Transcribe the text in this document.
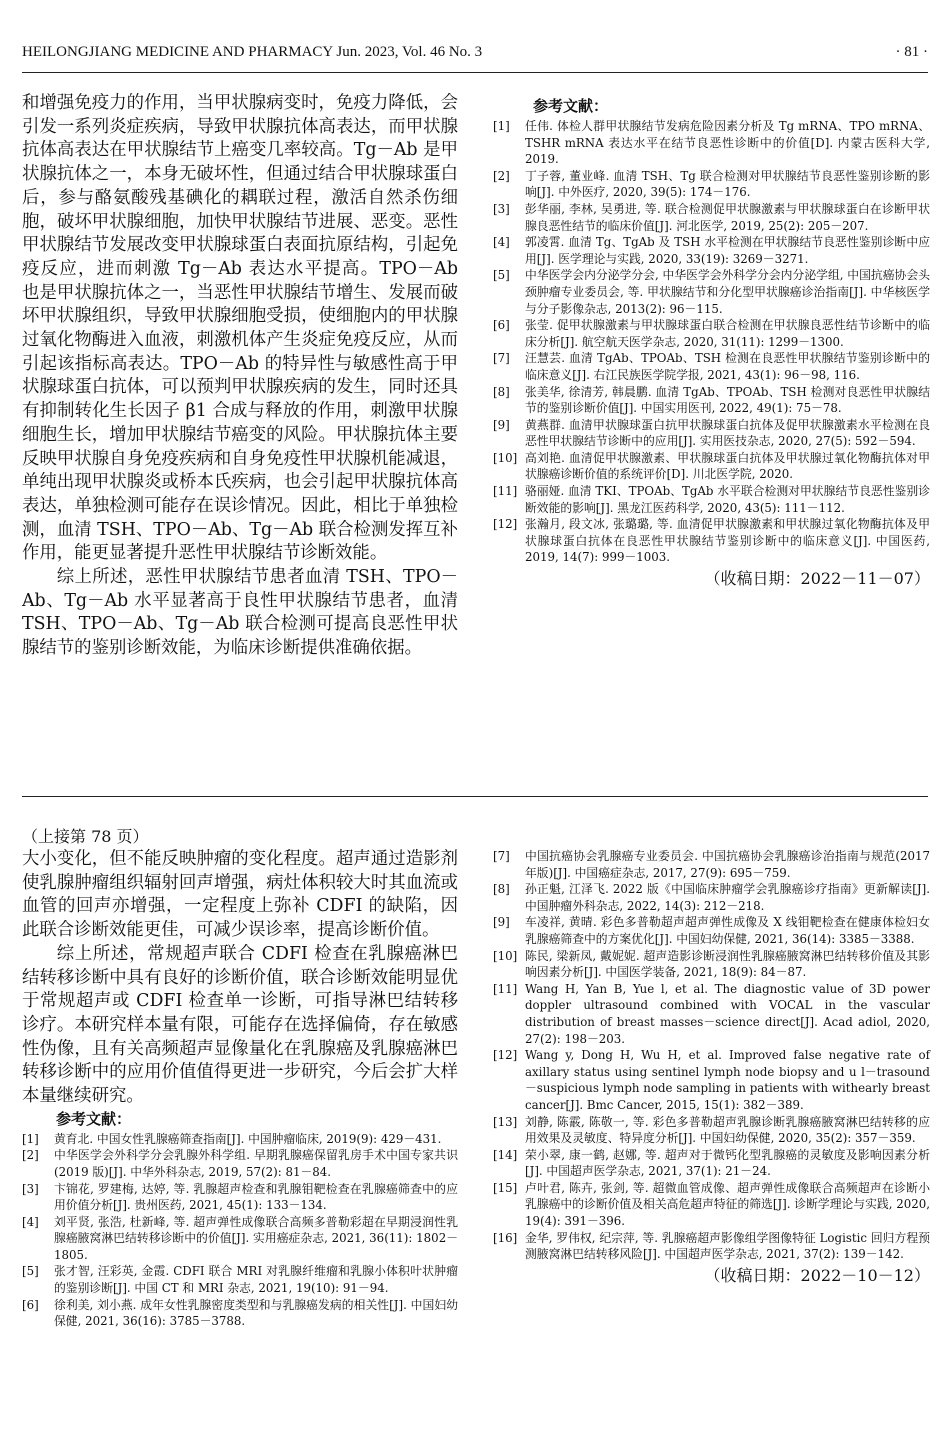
HEILONGJIANG MEDICINE AND PHARMACY Jun. 2023, Vol. 46 No. 3	· 81 ·

和增强免疫力的作用，当甲状腺病变时，免疫力降低，会引发一系列炎症疾病，导致甲状腺抗体高表达，而甲状腺抗体高表达在甲状腺结节上癌变几率较高。Tg－Ab 是甲状腺抗体之一，本身无破坏性，但通过结合甲状腺球蛋白后，参与酪氨酸残基碘化的耦联过程，激活自然杀伤细胞，破坏甲状腺细胞，加快甲状腺结节进展、恶变。恶性甲状腺结节发展改变甲状腺球蛋白表面抗原结构，引起免疫反应，进而刺激 Tg－Ab 表达水平提高。TPO－Ab 也是甲状腺抗体之一，当恶性甲状腺结节增生、发展而破坏甲状腺组织，导致甲状腺细胞受损，使细胞内的甲状腺过氧化物酶进入血液，刺激机体产生炎症免疫反应，从而引起该指标高表达。TPO－Ab 的特异性与敏感性高于甲状腺球蛋白抗体，可以预判甲状腺疾病的发生，同时还具有抑制转化生长因子 β1 合成与释放的作用，刺激甲状腺细胞生长，增加甲状腺结节癌变的风险。甲状腺抗体主要反映甲状腺自身免疫疾病和自身免疫性甲状腺机能减退，单纯出现甲状腺炎或桥本氏疾病，也会引起甲状腺抗体高表达，单独检测可能存在误诊情况。因此，相比于单独检测，血清 TSH、TPO－Ab、Tg－Ab 联合检测发挥互补作用，能更显著提升恶性甲状腺结节诊断效能。

综上所述，恶性甲状腺结节患者血清 TSH、TPO－Ab、Tg－Ab 水平显著高于良性甲状腺结节患者，血清 TSH、TPO－Ab、Tg－Ab 联合检测可提高良恶性甲状腺结节的鉴别诊断效能，为临床诊断提供准确依据。

参考文献：
[1] 任伟. 体检人群甲状腺结节发病危险因素分析及 Tg mRNA、TPO mRNA、TSHR mRNA 表达水平在结节良恶性诊断中的价值[D]. 内蒙古医科大学, 2019.
[2] 丁子蓉, 董业峰. 血清 TSH、Tg 联合检测对甲状腺结节良恶性鉴别诊断的影响[J]. 中外医疗, 2020, 39(5): 174－176.
[3] 彭华丽, 李林, 吴勇进, 等. 联合检测促甲状腺激素与甲状腺球蛋白在诊断甲状腺良恶性结节的临床价值[J]. 河北医学, 2019, 25(2): 205－207.
[4] 郭凌霄. 血清 Tg、TgAb 及 TSH 水平检测在甲状腺结节良恶性鉴别诊断中应用[J]. 医学理论与实践, 2020, 33(19): 3269－3271.
[5] 中华医学会内分泌学分会, 中华医学会外科学分会内分泌学组, 中国抗癌协会头颈肿瘤专业委员会, 等. 甲状腺结节和分化型甲状腺癌诊治指南[J]. 中华核医学与分子影像杂志, 2013(2): 96－115.
[6] 张莹. 促甲状腺激素与甲状腺球蛋白联合检测在甲状腺良恶性结节诊断中的临床分析[J]. 航空航天医学杂志, 2020, 31(11): 1299－1300.
[7] 汪慧芸. 血清 TgAb、TPOAb、TSH 检测在良恶性甲状腺结节鉴别诊断中的临床意义[J]. 右江民族医学院学报, 2021, 43(1): 96－98, 116.
[8] 张美华, 徐清芳, 韩晨鹏. 血清 TgAb、TPOAb、TSH 检测对良恶性甲状腺结节的鉴别诊断价值[J]. 中国实用医刊, 2022, 49(1): 75－78.
[9] 黄燕群. 血清甲状腺球蛋白抗甲状腺球蛋白抗体及促甲状腺激素水平检测在良恶性甲状腺结节诊断中的应用[J]. 实用医技杂志, 2020, 27(5): 592－594.
[10] 高刘艳. 血清促甲状腺激素、甲状腺球蛋白抗体及甲状腺过氧化物酶抗体对甲状腺癌诊断价值的系统评价[D]. 川北医学院, 2020.
[11] 骆丽娅. 血清 TKI、TPOAb、TgAb 水平联合检测对甲状腺结节良恶性鉴别诊断效能的影响[J]. 黑龙江医药科学, 2020, 43(5): 111－112.
[12] 张瀚月, 段文冰, 张璐璐, 等. 血清促甲状腺激素和甲状腺过氧化物酶抗体及甲状腺球蛋白抗体在良恶性甲状腺结节鉴别诊断中的临床意义[J]. 中国医药, 2019, 14(7): 999－1003.
（收稿日期：2022－11－07）
（上接第 78 页）

大小变化，但不能反映肿瘤的变化程度。超声通过造影剂使乳腺肿瘤组织辐射回声增强，病灶体积较大时其血流或血管的回声亦增强，一定程度上弥补 CDFI 的缺陷，因此联合诊断效能更佳，可减少误诊率，提高诊断价值。

综上所述，常规超声联合 CDFI 检查在乳腺癌淋巴结转移诊断中具有良好的诊断价值，联合诊断效能明显优于常规超声或 CDFI 检查单一诊断，可指导淋巴结转移诊疗。本研究样本量有限，可能存在选择偏倚，存在敏感性伪像，且有关高频超声显像量化在乳腺癌及乳腺癌淋巴转移诊断中的应用价值值得更进一步研究，今后会扩大样本量继续研究。

参考文献：
[1] 黄育北. 中国女性乳腺癌筛查指南[J]. 中国肿瘤临床, 2019(9): 429－431.
[2] 中华医学会外科学分会乳腺外科学组. 早期乳腺癌保留乳房手术中国专家共识(2019 版)[J]. 中华外科杂志, 2019, 57(2): 81－84.
[3] 卞锦花, 罗建梅, 达婷, 等. 乳腺超声检查和乳腺钼靶检查在乳腺癌筛查中的应用价值分析[J]. 贵州医药, 2021, 45(1): 133－134.
[4] 刘平贤, 张浩, 杜新峰, 等. 超声弹性成像联合高频多普勒彩超在早期浸润性乳腺癌腋窝淋巴结转移诊断中的价值[J]. 实用癌症杂志, 2021, 36(11): 1802－1805.
[5] 张才智, 汪彩英, 金霞. CDFI 联合 MRI 对乳腺纤维瘤和乳腺小体积叶状肿瘤的鉴别诊断[J]. 中国 CT 和 MRI 杂志, 2021, 19(10): 91－94.
[6] 徐利美, 刘小燕. 成年女性乳腺密度类型和与乳腺癌发病的相关性[J]. 中国妇幼保健, 2021, 36(16): 3785－3788.
[7] 中国抗癌协会乳腺癌专业委员会. 中国抗癌协会乳腺癌诊治指南与规范(2017 年版)[J]. 中国癌症杂志, 2017, 27(9): 695－759.
[8] 孙正魁, 江泽飞. 2022 版《中国临床肿瘤学会乳腺癌诊疗指南》更新解读[J]. 中国肿瘤外科杂志, 2022, 14(3): 212－218.
[9] 车凌祥, 黄晴. 彩色多普勒超声超声弹性成像及 X 线钼靶检查在健康体检妇女乳腺癌筛查中的方案优化[J]. 中国妇幼保健, 2021, 36(14): 3385－3388.
[10] 陈民, 梁新凤, 戴妮妮. 超声造影诊断浸润性乳腺癌腋窝淋巴结转移价值及其影响因素分析[J]. 中国医学装备, 2021, 18(9): 84－87.
[11] Wang H, Yan B, Yue l, et al. The diagnostic value of 3D power doppler ultrasound combined with VOCAL in the vascular distribution of breast masses－science direct[J]. Acad adiol, 2020, 27(2): 198－203.
[12] Wang y, Dong H, Wu H, et al. Improved false negative rate of axillary status using sentinel lymph node biopsy and u l－trasound－suspicious lymph node sampling in patients with withearly breast cancer[J]. Bmc Cancer, 2015, 15(1): 382－389.
[13] 刘静, 陈霰, 陈敬一, 等. 彩色多普勒超声乳腺诊断乳腺癌腋窝淋巴结转移的应用效果及灵敏度、特异度分析[J]. 中国妇幼保健, 2020, 35(2): 357－359.
[14] 荣小翠, 康一鹤, 赵娜, 等. 超声对于微钙化型乳腺癌的灵敏度及影响因素分析[J]. 中国超声医学杂志, 2021, 37(1): 21－24.
[15] 卢叶君, 陈卉, 张剑, 等. 超微血管成像、超声弹性成像联合高频超声在诊断小乳腺癌中的诊断价值及相关高危超声特征的筛选[J]. 诊断学理论与实践, 2020, 19(4): 391－396.
[16] 金华, 罗伟权, 纪宗萍, 等. 乳腺癌超声影像组学图像特征 Logistic 回归方程预测腋窝淋巴结转移风险[J]. 中国超声医学杂志, 2021, 37(2): 139－142.
（收稿日期：2022－10－12）
